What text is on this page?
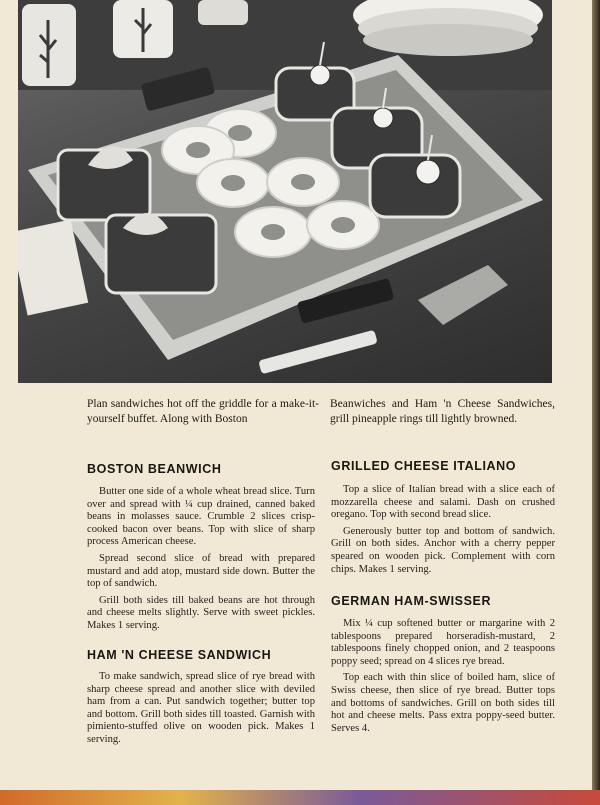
Plan sandwiches hot off the griddle for a make-it-yourself buffet. Along with Boston
Beanwiches and Ham 'n Cheese Sandwiches, grill pineapple rings till lightly browned.
BOSTON BEANWICH

Butter one side of a whole wheat bread slice. Turn over and spread with ¼ cup drained, canned baked beans in molasses sauce. Crumble 2 slices crisp-cooked bacon over beans. Top with slice of sharp process American cheese.

Spread second slice of bread with prepared mustard and add atop, mustard side down. Butter the top of sandwich.

Grill both sides till baked beans are hot through and cheese melts slightly. Serve with sweet pickles. Makes 1 serving.

HAM 'N CHEESE SANDWICH

To make sandwich, spread slice of rye bread with sharp cheese spread and another slice with deviled ham from a can. Put sandwich together; butter top and bottom. Grill both sides till toasted. Garnish with pimiento-stuffed olive on wooden pick. Makes 1 serving.

GRILLED CHEESE ITALIANO

Top a slice of Italian bread with a slice each of mozzarella cheese and salami. Dash on crushed oregano. Top with second bread slice.

Generously butter top and bottom of sandwich. Grill on both sides. Anchor with a cherry pepper speared on wooden pick. Complement with corn chips. Makes 1 serving.

GERMAN HAM-SWISSER

Mix ¼ cup softened butter or margarine with 2 tablespoons prepared horseradish-mustard, 2 tablespoons finely chopped onion, and 2 teaspoons poppy seed; spread on 4 slices rye bread.

Top each with thin slice of boiled ham, slice of Swiss cheese, then slice of rye bread. Butter tops and bottoms of sandwiches. Grill on both sides till hot and cheese melts. Pass extra poppy-seed butter. Serves 4.
